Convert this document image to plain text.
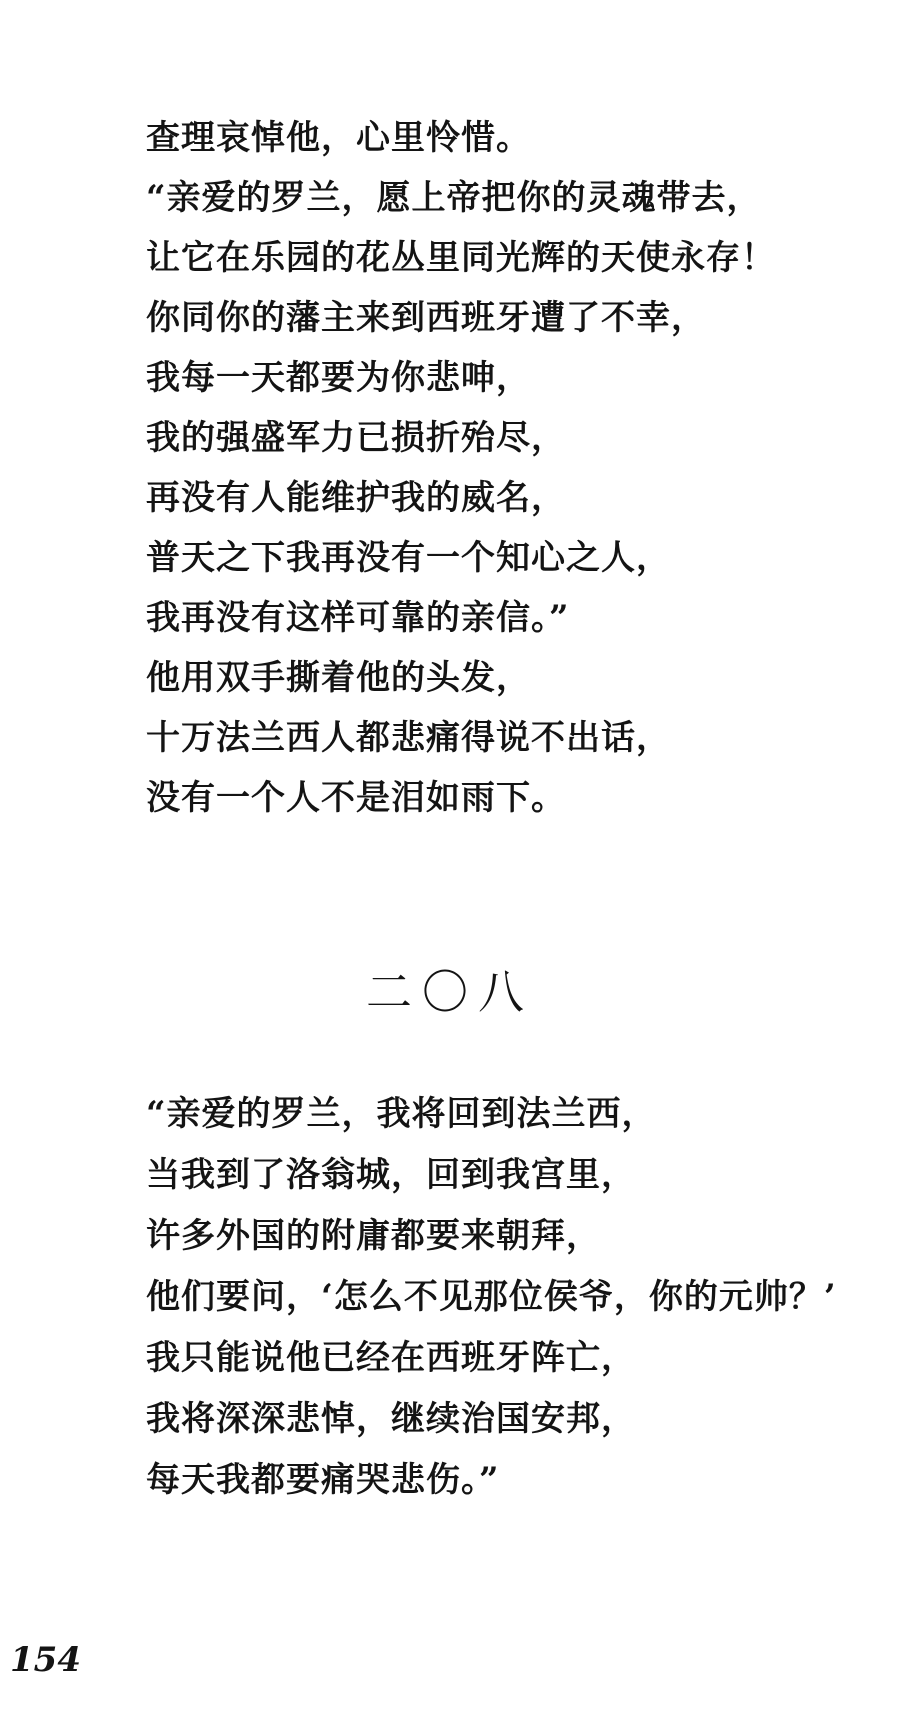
查理哀悼他，心里怜惜。
“亲爱的罗兰，愿上帝把你的灵魂带去，
让它在乐园的花丛里同光辉的天使永存！
你同你的藩主来到西班牙遭了不幸，
我每一天都要为你悲呻，
我的强盛军力已损折殆尽，
再没有人能维护我的威名，
普天之下我再没有一个知心之人，
我再没有这样可靠的亲信。”
他用双手撕着他的头发，
十万法兰西人都悲痛得说不出话，
没有一个人不是泪如雨下。
二〇八
“亲爱的罗兰，我将回到法兰西，
当我到了洛翁城，回到我宫里，
许多外国的附庸都要来朝拜，
他们要问，‘怎么不见那位侯爷，你的元帅？’
我只能说他已经在西班牙阵亡，
我将深深悲悼，继续治国安邦，
每天我都要痛哭悲伤。”
154
